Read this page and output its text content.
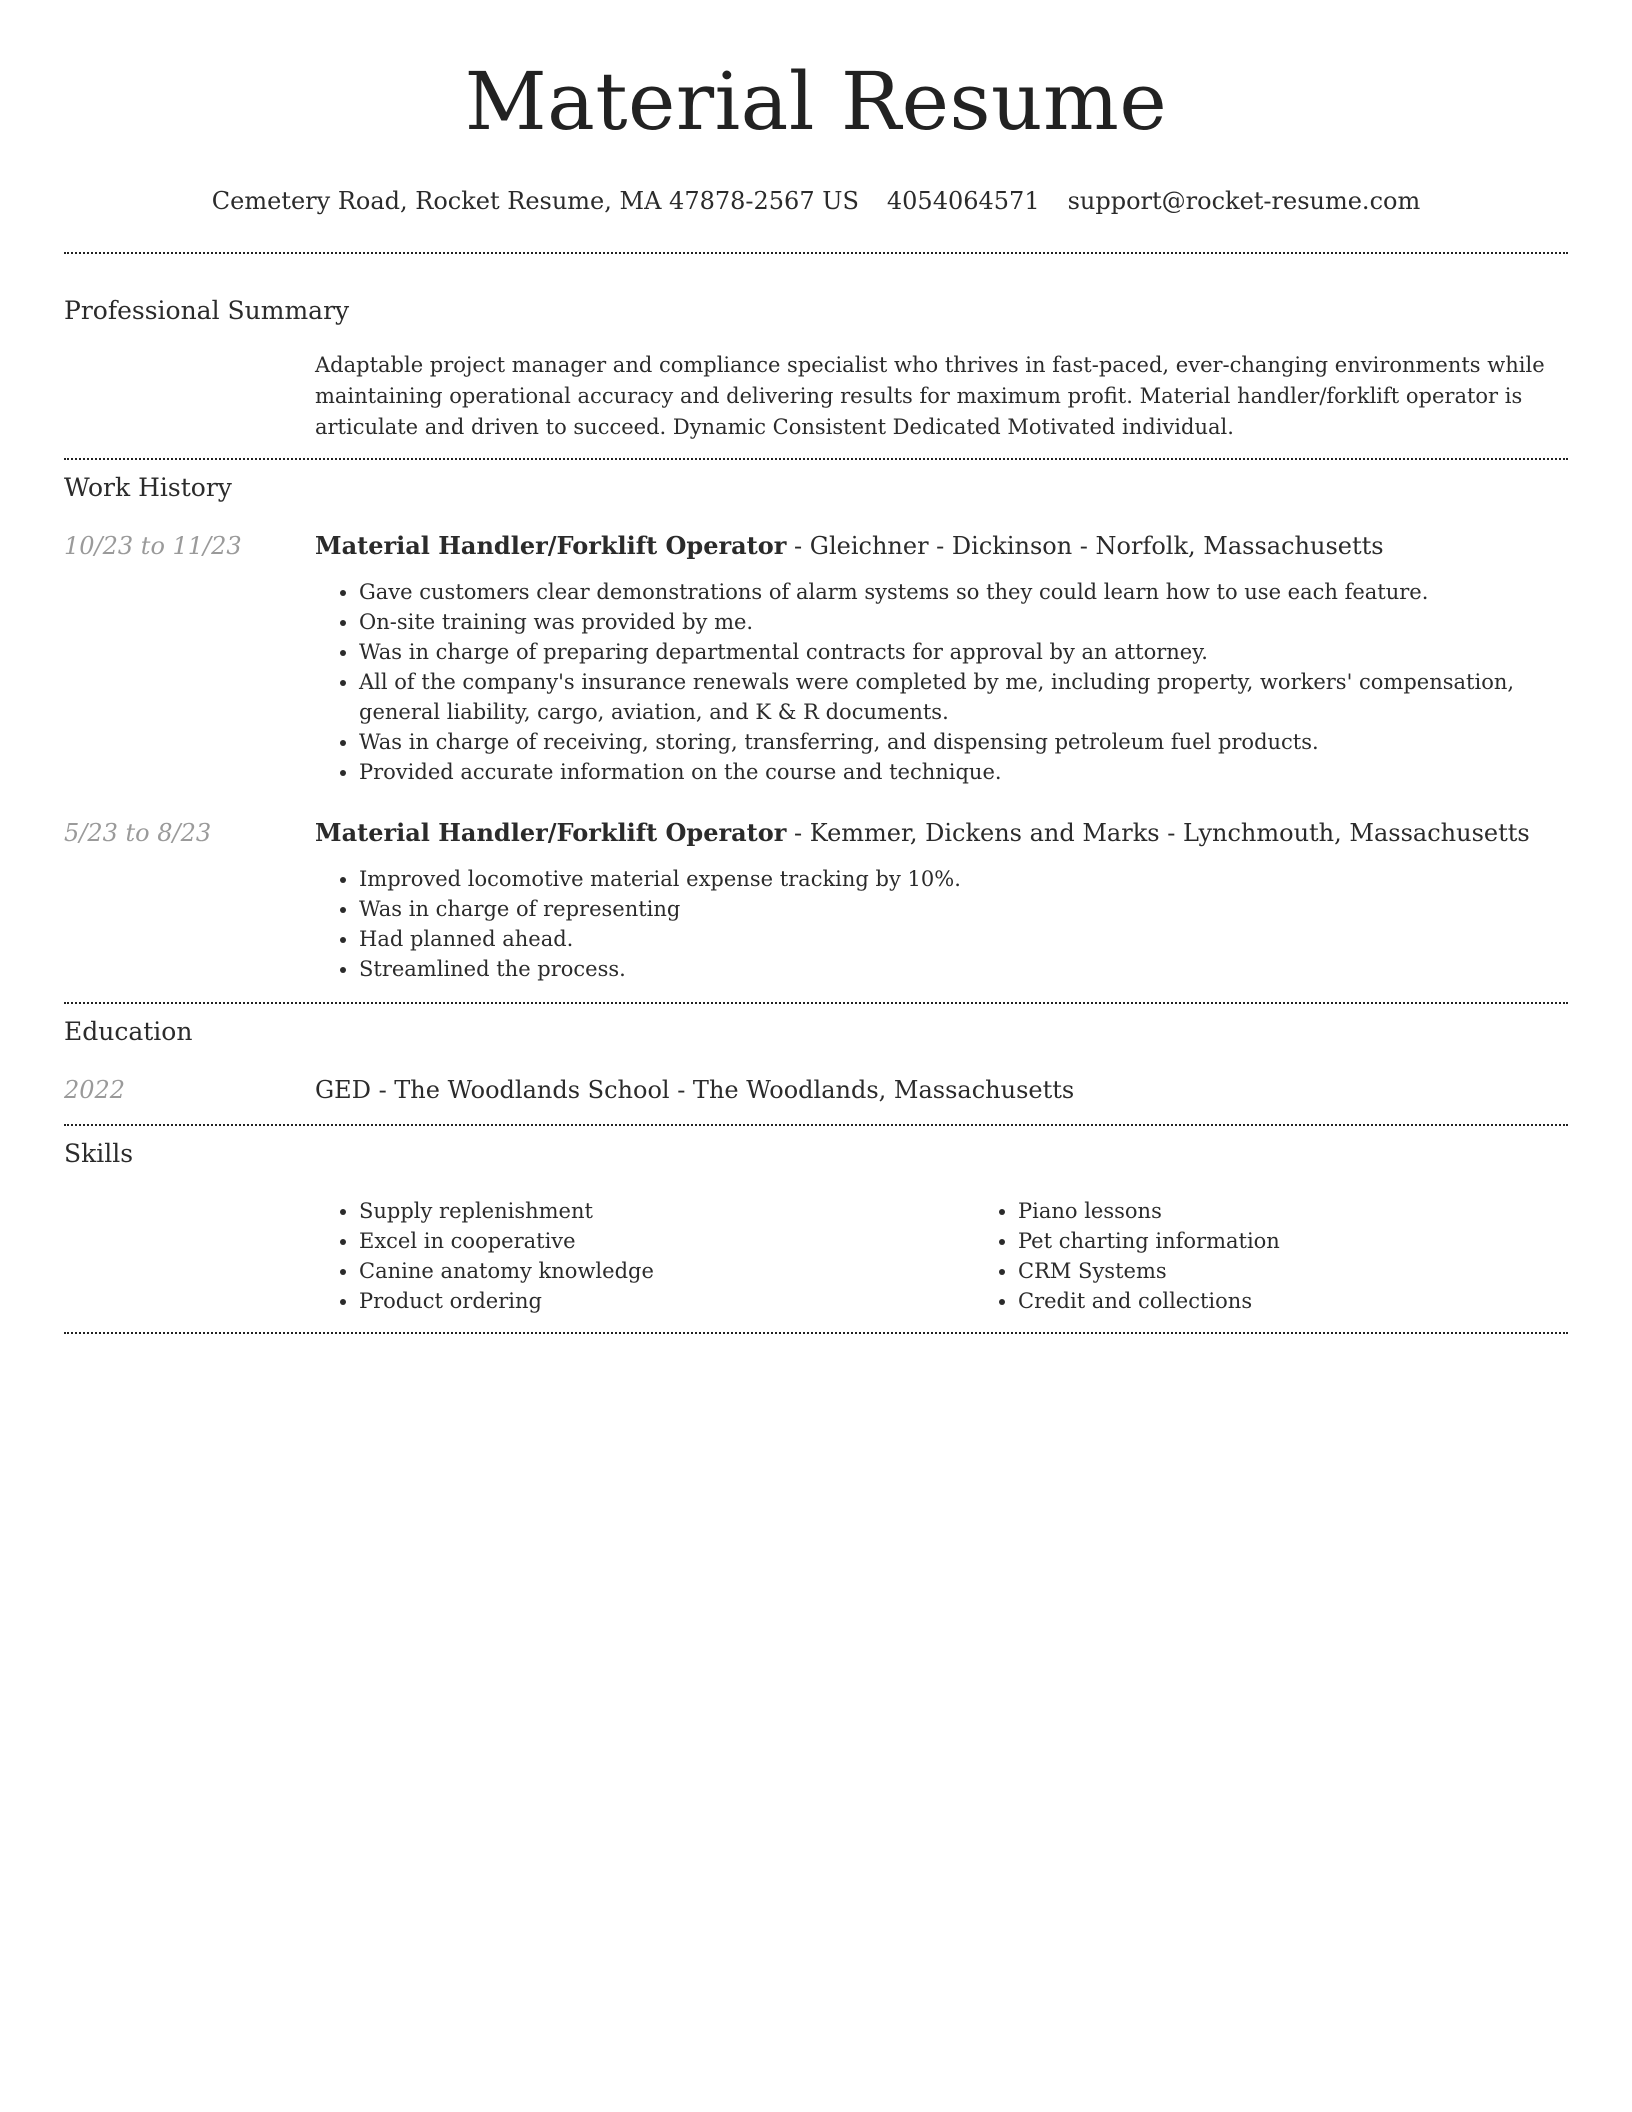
Material Resume
Cemetery Road, Rocket Resume, MA 47878-2567 US 4054064571 support@rocket-resume.com
Professional Summary

Adaptable project manager and compliance specialist who thrives in fast-paced, ever-changing environments while maintaining operational accuracy and delivering results for maximum profit. Material handler/forklift operator is articulate and driven to succeed. Dynamic Consistent Dedicated Motivated individual.

Work History
10/23 to 11/23	Material Handler/Forklift Operator - Gleichner - Dickinson - Norfolk, Massachusetts
• Gave customers clear demonstrations of alarm systems so they could learn how to use each feature.
• On-site training was provided by me.
• Was in charge of preparing departmental contracts for approval by an attorney.
• All of the company's insurance renewals were completed by me, including property, workers' compensation, general liability, cargo, aviation, and K & R documents.
• Was in charge of receiving, storing, transferring, and dispensing petroleum fuel products.
• Provided accurate information on the course and technique.
5/23 to 8/23	Material Handler/Forklift Operator - Kemmer, Dickens and Marks - Lynchmouth, Massachusetts
• Improved locomotive material expense tracking by 10%.
• Was in charge of representing
• Had planned ahead.
• Streamlined the process.
Education
2022	GED - The Woodlands School - The Woodlands, Massachusetts
Skills
• Supply replenishment
• Excel in cooperative
• Canine anatomy knowledge
• Product ordering
• Piano lessons
• Pet charting information
• CRM Systems
• Credit and collections
